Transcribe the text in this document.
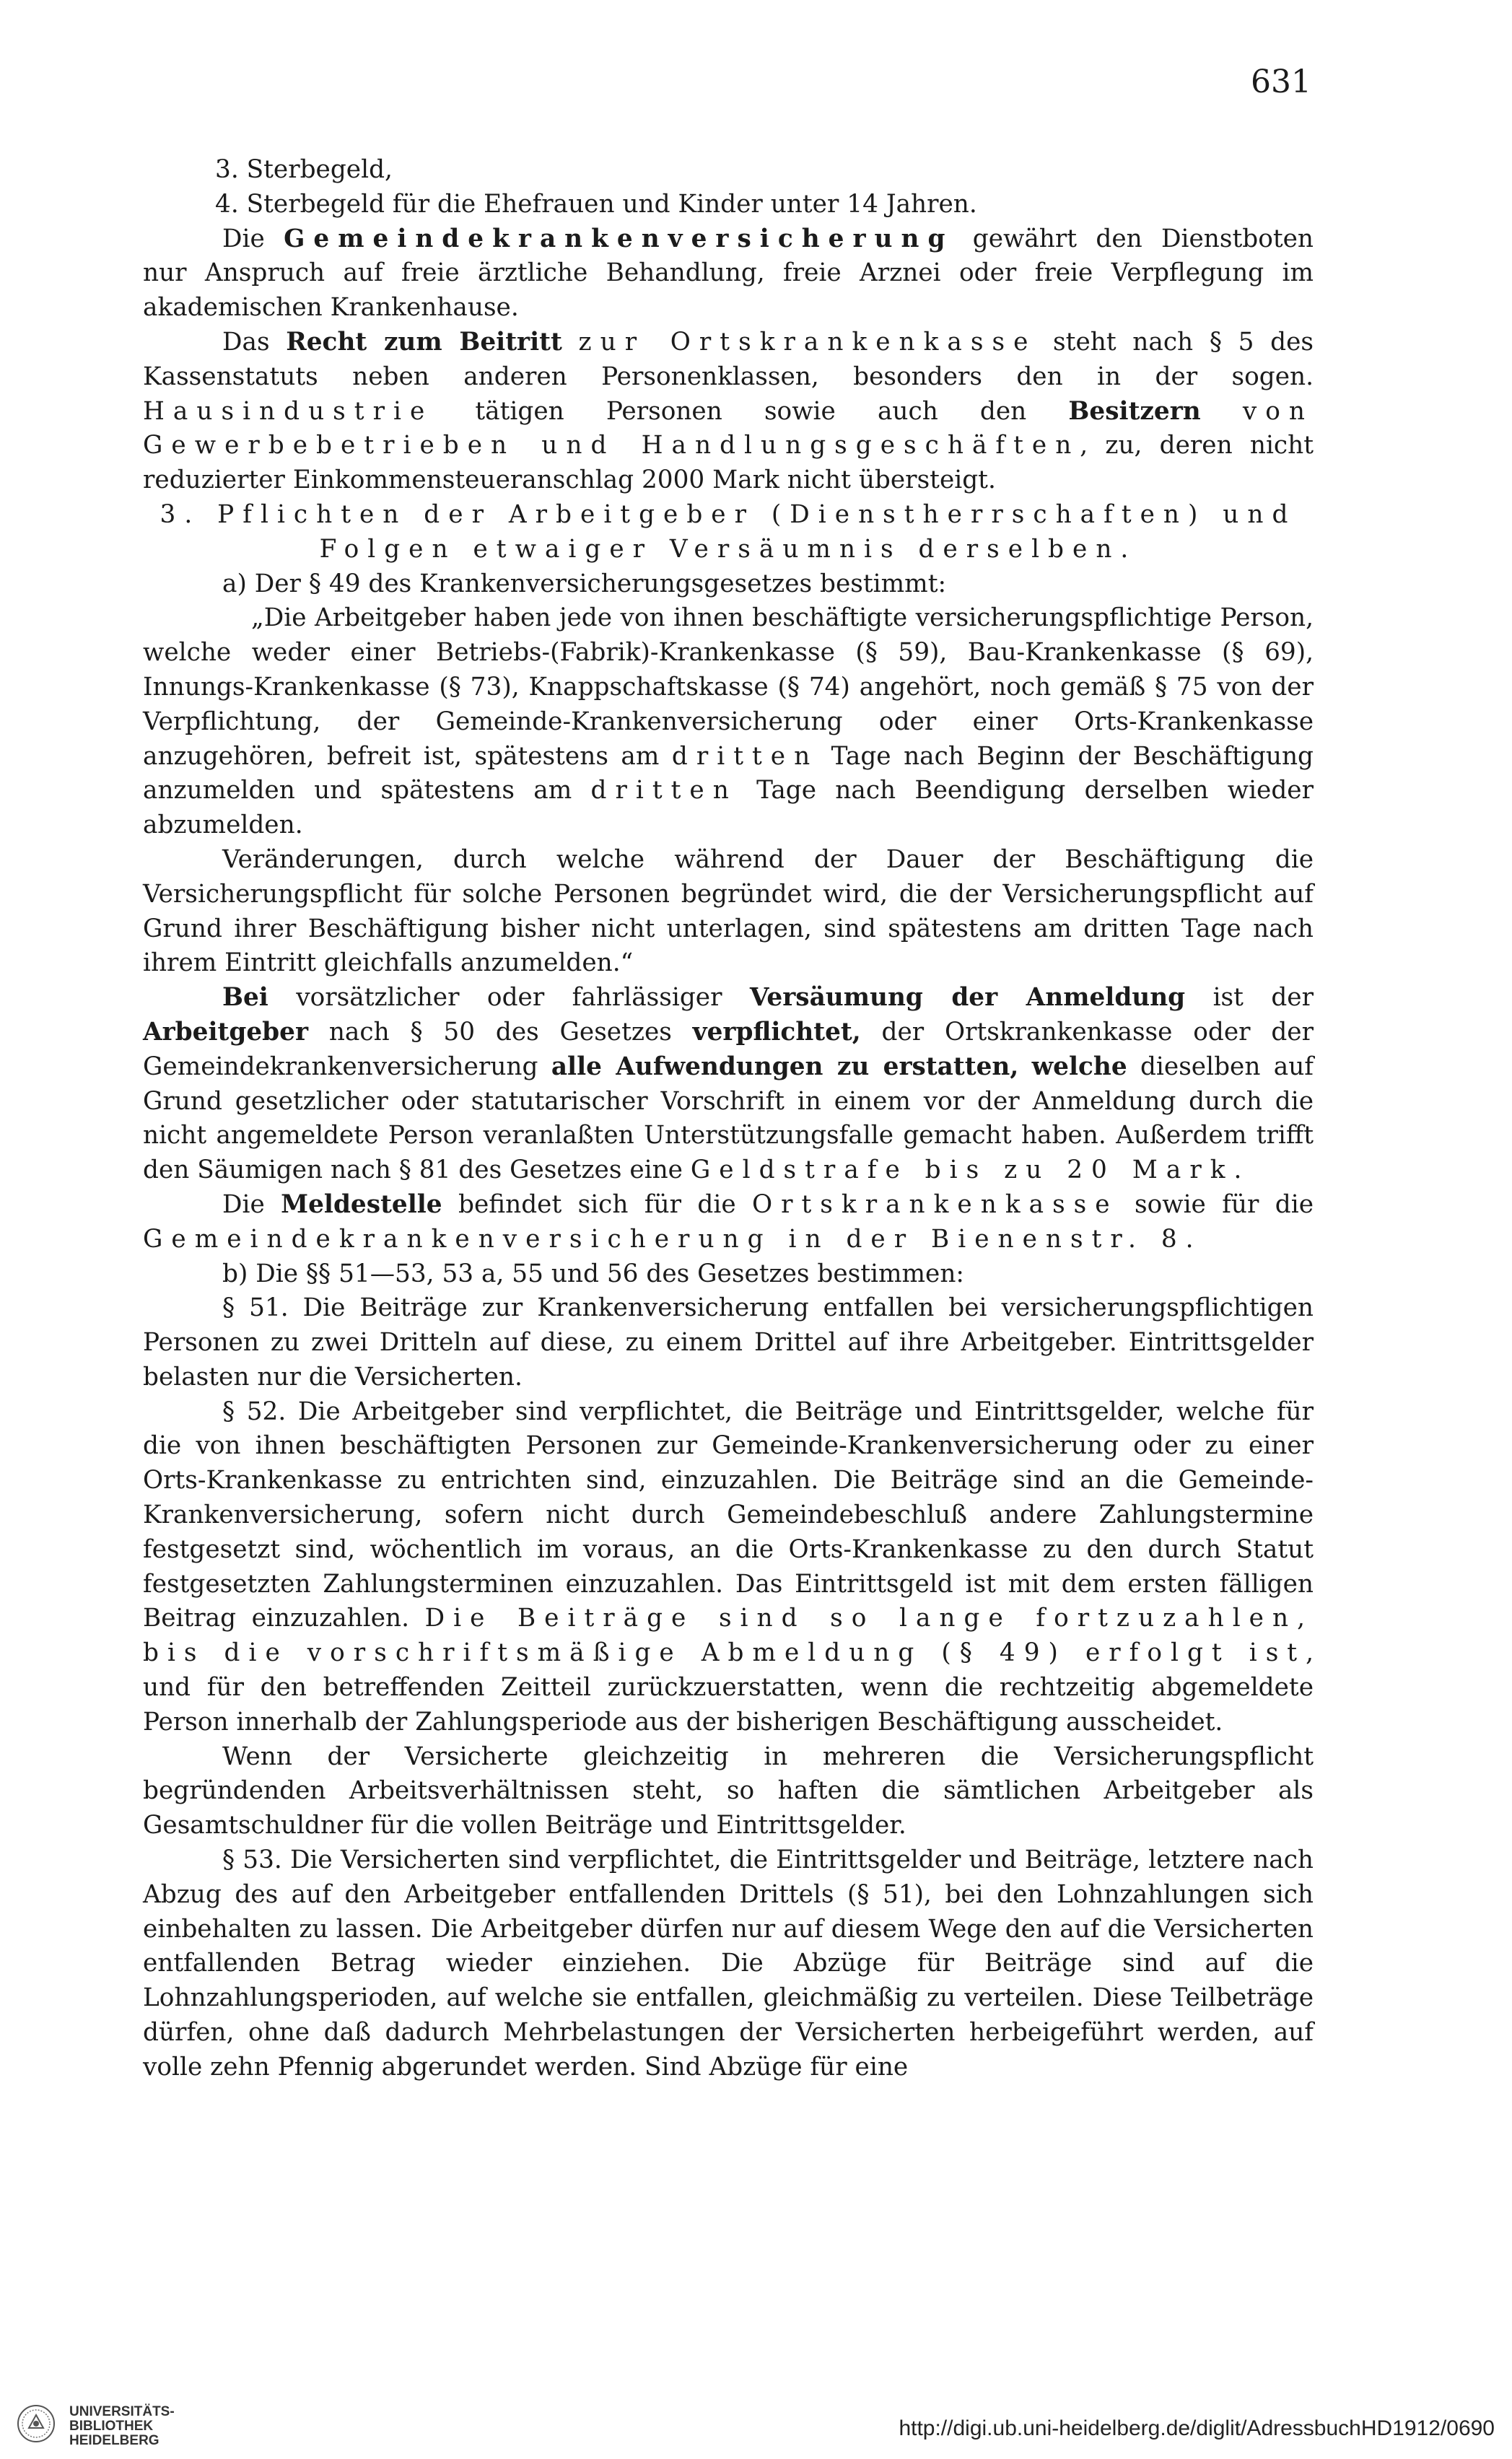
631

3. Sterbegeld,

4. Sterbegeld für die Ehefrauen und Kinder unter 14 Jahren.

Die Gemeindekrankenversicherung gewährt den Dienstboten nur Anspruch auf freie ärztliche Behandlung, freie Arznei oder freie Verpflegung im akademischen Krankenhause.

Das Recht zum Beitritt zur Ortskrankenkasse steht nach § 5 des Kassenstatuts neben anderen Personenklassen, besonders den in der sogen. Hausindustrie tätigen Personen sowie auch den Besitzern von Gewerbebetrieben und Handlungsgeschäften, zu, deren nicht reduzierter Einkommensteueranschlag 2000 Mark nicht übersteigt.

3. Pflichten der Arbeitgeber (Dienstherrschaften) und Folgen etwaiger Versäumnis derselben.

a) Der § 49 des Krankenversicherungsgesetzes bestimmt:

„Die Arbeitgeber haben jede von ihnen beschäftigte versicherungspflichtige Person, welche weder einer Betriebs-(Fabrik)-Krankenkasse (§ 59), Bau-Krankenkasse (§ 69), Innungs-Krankenkasse (§ 73), Knappschaftskasse (§ 74) angehört, noch gemäß § 75 von der Verpflichtung, der Gemeinde-Krankenversicherung oder einer Orts-Krankenkasse anzugehören, befreit ist, spätestens am dritten Tage nach Beginn der Beschäftigung anzumelden und spätestens am dritten Tage nach Beendigung derselben wieder abzumelden.

Veränderungen, durch welche während der Dauer der Beschäftigung die Versicherungspflicht für solche Personen begründet wird, die der Versicherungspflicht auf Grund ihrer Beschäftigung bisher nicht unterlagen, sind spätestens am dritten Tage nach ihrem Eintritt gleichfalls anzumelden.“

Bei vorsätzlicher oder fahrlässiger Versäumung der Anmeldung ist der Arbeitgeber nach § 50 des Gesetzes verpflichtet, der Ortskrankenkasse oder der Gemeindekrankenversicherung alle Aufwendungen zu erstatten, welche dieselben auf Grund gesetzlicher oder statutarischer Vorschrift in einem vor der Anmeldung durch die nicht angemeldete Person veranlaßten Unterstützungsfalle gemacht haben. Außerdem trifft den Säumigen nach § 81 des Gesetzes eine Geldstrafe bis zu 20 Mark.

Die Meldestelle befindet sich für die Ortskrankenkasse sowie für die Gemeindekrankenversicherung in der Bienenstr. 8.

b) Die §§ 51—53, 53 a, 55 und 56 des Gesetzes bestimmen:

§ 51. Die Beiträge zur Krankenversicherung entfallen bei versicherungspflichtigen Personen zu zwei Dritteln auf diese, zu einem Drittel auf ihre Arbeitgeber. Eintrittsgelder belasten nur die Versicherten.

§ 52. Die Arbeitgeber sind verpflichtet, die Beiträge und Eintrittsgelder, welche für die von ihnen beschäftigten Personen zur Gemeinde-Krankenversicherung oder zu einer Orts-Krankenkasse zu entrichten sind, einzuzahlen. Die Beiträge sind an die Gemeinde-Krankenversicherung, sofern nicht durch Gemeindebeschluß andere Zahlungstermine festgesetzt sind, wöchentlich im voraus, an die Orts-Krankenkasse zu den durch Statut festgesetzten Zahlungsterminen einzuzahlen. Das Eintrittsgeld ist mit dem ersten fälligen Beitrag einzuzahlen. Die Beiträge sind so lange fortzuzahlen, bis die vorschriftsmäßige Abmeldung (§ 49) erfolgt ist, und für den betreffenden Zeitteil zurückzuerstatten, wenn die rechtzeitig abgemeldete Person innerhalb der Zahlungsperiode aus der bisherigen Beschäftigung ausscheidet.

Wenn der Versicherte gleichzeitig in mehreren die Versicherungspflicht begründenden Arbeitsverhältnissen steht, so haften die sämtlichen Arbeitgeber als Gesamtschuldner für die vollen Beiträge und Eintrittsgelder.

§ 53. Die Versicherten sind verpflichtet, die Eintrittsgelder und Beiträge, letztere nach Abzug des auf den Arbeitgeber entfallenden Drittels (§ 51), bei den Lohnzahlungen sich einbehalten zu lassen. Die Arbeitgeber dürfen nur auf diesem Wege den auf die Versicherten entfallenden Betrag wieder einziehen. Die Abzüge für Beiträge sind auf die Lohnzahlungsperioden, auf welche sie entfallen, gleichmäßig zu verteilen. Diese Teilbeträge dürfen, ohne daß dadurch Mehrbelastungen der Versicherten herbeigeführt werden, auf volle zehn Pfennig abgerundet werden. Sind Abzüge für eine

UNIVERSITÄTS-
BIBLIOTHEK
HEIDELBERG
http://digi.ub.uni-heidelberg.de/diglit/AdressbuchHD1912/0690
